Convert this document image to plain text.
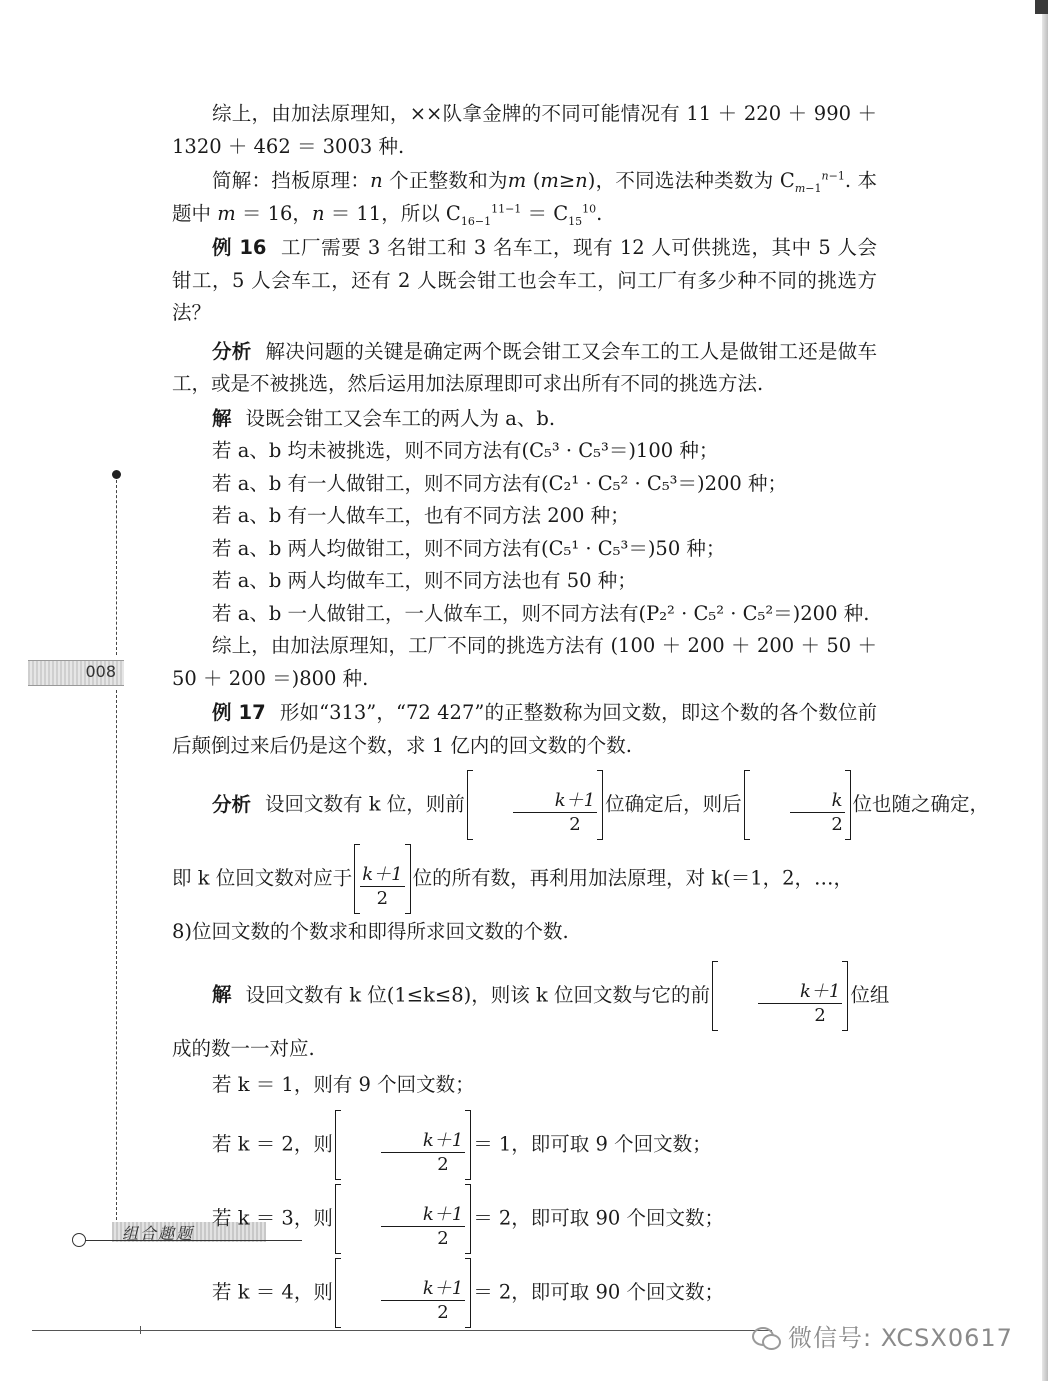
008
组合趣题
微信号: XCSX0617

综上，由加法原理知，××队拿金牌的不同可能情况有 11 ＋ 220 ＋ 990 ＋ 1320 ＋ 462 ＝ 3003 种.

简解：挡板原理：n 个正整数和为m (m≥n)，不同选法种类数为 $C_{m-1}^{n-1}$. 本题中 m ＝ 16，n ＝ 11，所以 $C_{16-1}^{11-1} = C_{15}^{10}$.

例 16 工厂需要 3 名钳工和 3 名车工，现有 12 人可供挑选，其中 5 人会钳工，5 人会车工，还有 2 人既会钳工也会车工，问工厂有多少种不同的挑选方法？

分析 解决问题的关键是确定两个既会钳工又会车工的工人是做钳工还是做车工，或是不被挑选，然后运用加法原理即可求出所有不同的挑选方法.

解 设既会钳工又会车工的两人为 a、b.

若 a、b 均未被挑选，则不同方法有(C₅³ · C₅³＝)100 种；
若 a、b 有一人做钳工，则不同方法有(C₂¹ · C₅² · C₅³＝)200 种；
若 a、b 有一人做车工，也有不同方法 200 种；
若 a、b 两人均做钳工，则不同方法有(C₅¹ · C₅³＝)50 种；
若 a、b 两人均做车工，则不同方法也有 50 种；
若 a、b 一人做钳工，一人做车工，则不同方法有(P₂² · C₅² · C₅²＝)200 种.

综上，由加法原理知，工厂不同的挑选方法有 (100 ＋ 200 ＋ 200 ＋ 50 ＋ 50 ＋ 200 ＝)800 种.

例 17 形如“313”，“72 427”的正整数称为回文数，即这个数的各个数位前后颠倒过来后仍是这个数，求 1 亿内的回文数的个数.

分析 设回文数有 k 位，则前	$\frac{k+1}{2}$ 位确定后，则后	$\frac{k}{2}$ 位也随之确定，
即 k 位回文数对应于 $\frac{k+1}{2}$ 位的所有数，再利用加法原理，对 k(＝1，2，…，
8)位回文数的个数求和即得所求回文数的个数.
解 设回文数有 k 位(1≤k≤8)，则该 k 位回文数与它的前	$\frac{k+1}{2}$ 位组
成的数一一对应.
若 k ＝ 1，则有 9 个回文数；
若 k ＝ 2，则	$\frac{k+1}{2} = 1$，即可取 9 个回文数；
若 k ＝ 3，则	$\frac{k+1}{2} = 2$，即可取 90 个回文数；
若 k ＝ 4，则	$\frac{k+1}{2} = 2$，即可取 90 个回文数；
